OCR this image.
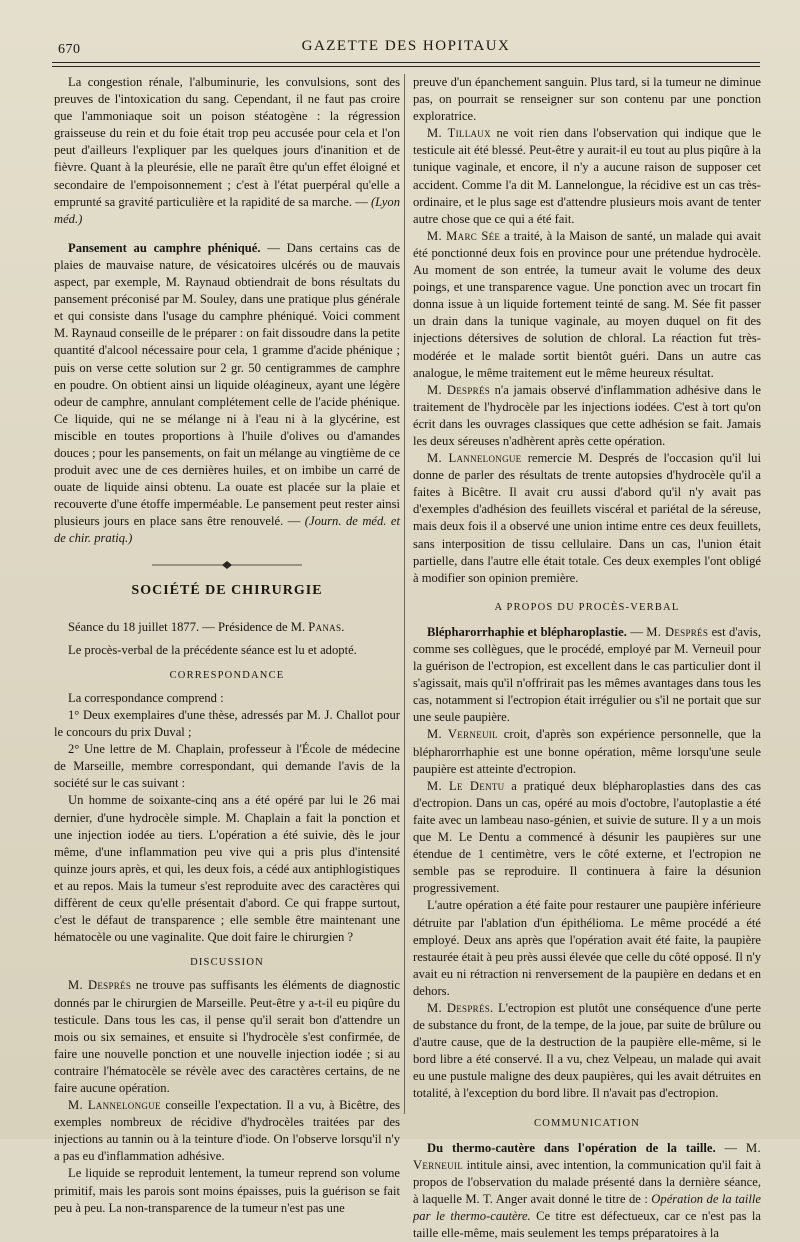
670	GAZETTE DES HOPITAUX

La congestion rénale, l'albuminurie, les convulsions, sont des preuves de l'intoxication du sang. Cependant, il ne faut pas croire que l'ammoniaque soit un poison stéatogène : la régression graisseuse du rein et du foie était trop peu accusée pour cela et l'on peut d'ailleurs l'expliquer par les quelques jours d'inanition et de fièvre. Quant à la pleurésie, elle ne paraît être qu'un effet éloigné et secondaire de l'empoisonnement ; c'est à l'état puerpéral qu'elle a emprunté sa gravité particulière et la rapidité de sa marche. — (Lyon méd.)

Pansement au camphre phéniqué. — Dans certains cas de plaies de mauvaise nature, de vésicatoires ulcérés ou de mauvais aspect, par exemple, M. Raynaud obtiendrait de bons résultats du pansement préconisé par M. Souley, dans une pratique plus générale et qui consiste dans l'usage du camphre phéniqué. Voici comment M. Raynaud conseille de le préparer : on fait dissoudre dans la petite quantité d'alcool nécessaire pour cela, 1 gramme d'acide phénique ; puis on verse cette solution sur 2 gr. 50 centigrammes de camphre en poudre. On obtient ainsi un liquide oléagineux, ayant une légère odeur de camphre, annulant complétement celle de l'acide phénique. Ce liquide, qui ne se mélange ni à l'eau ni à la glycérine, est miscible en toutes proportions à l'huile d'olives ou d'amandes douces ; pour les pansements, on fait un mélange au vingtième de ce produit avec une de ces dernières huiles, et on imbibe un carré de ouate de liquide ainsi obtenu. La ouate est placée sur la plaie et recouverte d'une étoffe imperméable. Le pansement peut rester ainsi plusieurs jours en place sans être renouvelé. — (Journ. de méd. et de chir. pratiq.)

SOCIÉTÉ DE CHIRURGIE

Séance du 18 juillet 1877. — Présidence de M. Panas.

Le procès-verbal de la précédente séance est lu et adopté.

CORRESPONDANCE

La correspondance comprend :

1° Deux exemplaires d'une thèse, adressés par M. J. Challot pour le concours du prix Duval ;

2° Une lettre de M. Chaplain, professeur à l'École de médecine de Marseille, membre correspondant, qui demande l'avis de la société sur le cas suivant :

Un homme de soixante-cinq ans a été opéré par lui le 26 mai dernier, d'une hydrocèle simple. M. Chaplain a fait la ponction et une injection iodée au tiers. L'opération a été suivie, dès le jour même, d'une inflammation peu vive qui a pris plus d'intensité quinze jours après, et qui, les deux fois, a cédé aux antiphlogistiques et au repos. Mais la tumeur s'est reproduite avec des caractères qui diffèrent de ceux qu'elle présentait d'abord. Ce qui frappe surtout, c'est le défaut de transparence ; elle semble être maintenant une hématocèle ou une vaginalite. Que doit faire le chirurgien ?

DISCUSSION

M. Després ne trouve pas suffisants les éléments de diagnostic donnés par le chirurgien de Marseille. Peut-être y a-t-il eu piqûre du testicule. Dans tous les cas, il pense qu'il serait bon d'attendre un mois ou six semaines, et ensuite si l'hydrocèle s'est confirmée, de faire une nouvelle ponction et une nouvelle injection iodée ; si au contraire l'hématocèle se révèle avec des caractères certains, de ne faire aucune opération.

M. Lannelongue conseille l'expectation. Il a vu, à Bicêtre, des exemples nombreux de récidive d'hydrocèles traitées par des injections au tannin ou à la teinture d'iode. On l'observe lorsqu'il n'y a pas eu d'inflammation adhésive.

Le liquide se reproduit lentement, la tumeur reprend son volume primitif, mais les parois sont moins épaisses, puis la guérison se fait peu à peu. La non-transparence de la tumeur n'est pas une

preuve d'un épanchement sanguin. Plus tard, si la tumeur ne diminue pas, on pourrait se renseigner sur son contenu par une ponction exploratrice.

M. Tillaux ne voit rien dans l'observation qui indique que le testicule ait été blessé. Peut-être y aurait-il eu tout au plus piqûre à la tunique vaginale, et encore, il n'y a aucune raison de supposer cet accident. Comme l'a dit M. Lannelongue, la récidive est un cas très-ordinaire, et le plus sage est d'attendre plusieurs mois avant de tenter autre chose que ce qui a été fait.

M. Marc Sée a traité, à la Maison de santé, un malade qui avait été ponctionné deux fois en province pour une prétendue hydrocèle. Au moment de son entrée, la tumeur avait le volume des deux poings, et une transparence vague. Une ponction avec un trocart fin donna issue à un liquide fortement teinté de sang. M. Sée fit passer un drain dans la tunique vaginale, au moyen duquel on fit des injections détersives de solution de chloral. La réaction fut très-modérée et le malade sortit bientôt guéri. Dans un autre cas analogue, le même traitement eut le même heureux résultat.

M. Després n'a jamais observé d'inflammation adhésive dans le traitement de l'hydrocèle par les injections iodées. C'est à tort qu'on écrit dans les ouvrages classiques que cette adhésion se fait. Jamais les deux séreuses n'adhèrent après cette opération.

M. Lannelongue remercie M. Després de l'occasion qu'il lui donne de parler des résultats de trente autopsies d'hydrocèle qu'il a faites à Bicêtre. Il avait cru aussi d'abord qu'il n'y avait pas d'exemples d'adhésion des feuillets viscéral et pariétal de la séreuse, mais deux fois il a observé une union intime entre ces deux feuillets, sans interposition de tissu cellulaire. Dans un cas, l'union était partielle, dans l'autre elle était totale. Ces deux exemples l'ont obligé à modifier son opinion première.

A PROPOS DU PROCÈS-VERBAL

Blépharorrhaphie et blépharoplastie. — M. Després est d'avis, comme ses collègues, que le procédé, employé par M. Verneuil pour la guérison de l'ectropion, est excellent dans le cas particulier dont il s'agissait, mais qu'il n'offrirait pas les mêmes avantages dans tous les cas, notamment si l'ectropion était irrégulier ou s'il ne portait que sur une seule paupière.

M. Verneuil croit, d'après son expérience personnelle, que la blépharorrhaphie est une bonne opération, même lorsqu'une seule paupière est atteinte d'ectropion.

M. Le Dentu a pratiqué deux blépharoplasties dans des cas d'ectropion. Dans un cas, opéré au mois d'octobre, l'autoplastie a été faite avec un lambeau naso-génien, et suivie de suture. Il y a un mois que M. Le Dentu a commencé à désunir les paupières sur une étendue de 1 centimètre, vers le côté externe, et l'ectropion ne semble pas se reproduire. Il continuera à faire la désunion progressivement.

L'autre opération a été faite pour restaurer une paupière inférieure détruite par l'ablation d'un épithélioma. Le même procédé a été employé. Deux ans après que l'opération avait été faite, la paupière restaurée était à peu près aussi élevée que celle du côté opposé. Il n'y avait eu ni rétraction ni renversement de la paupière en dedans et en dehors.

M. Després. L'ectropion est plutôt une conséquence d'une perte de substance du front, de la tempe, de la joue, par suite de brûlure ou d'autre cause, que de la destruction de la paupière elle-même, si le bord libre a été conservé. Il a vu, chez Velpeau, un malade qui avait eu une pustule maligne des deux paupières, qui les avait détruites en totalité, à l'exception du bord libre. Il n'avait pas d'ectropion.

COMMUNICATION

Du thermo-cautère dans l'opération de la taille. — M. Verneuil intitule ainsi, avec intention, la communication qu'il fait à propos de l'observation du malade présenté dans la dernière séance, à laquelle M. T. Anger avait donné le titre de : Opération de la taille par le thermo-cautère. Ce titre est défectueux, car ce n'est pas la taille elle-même, mais seulement les temps préparatoires à la
